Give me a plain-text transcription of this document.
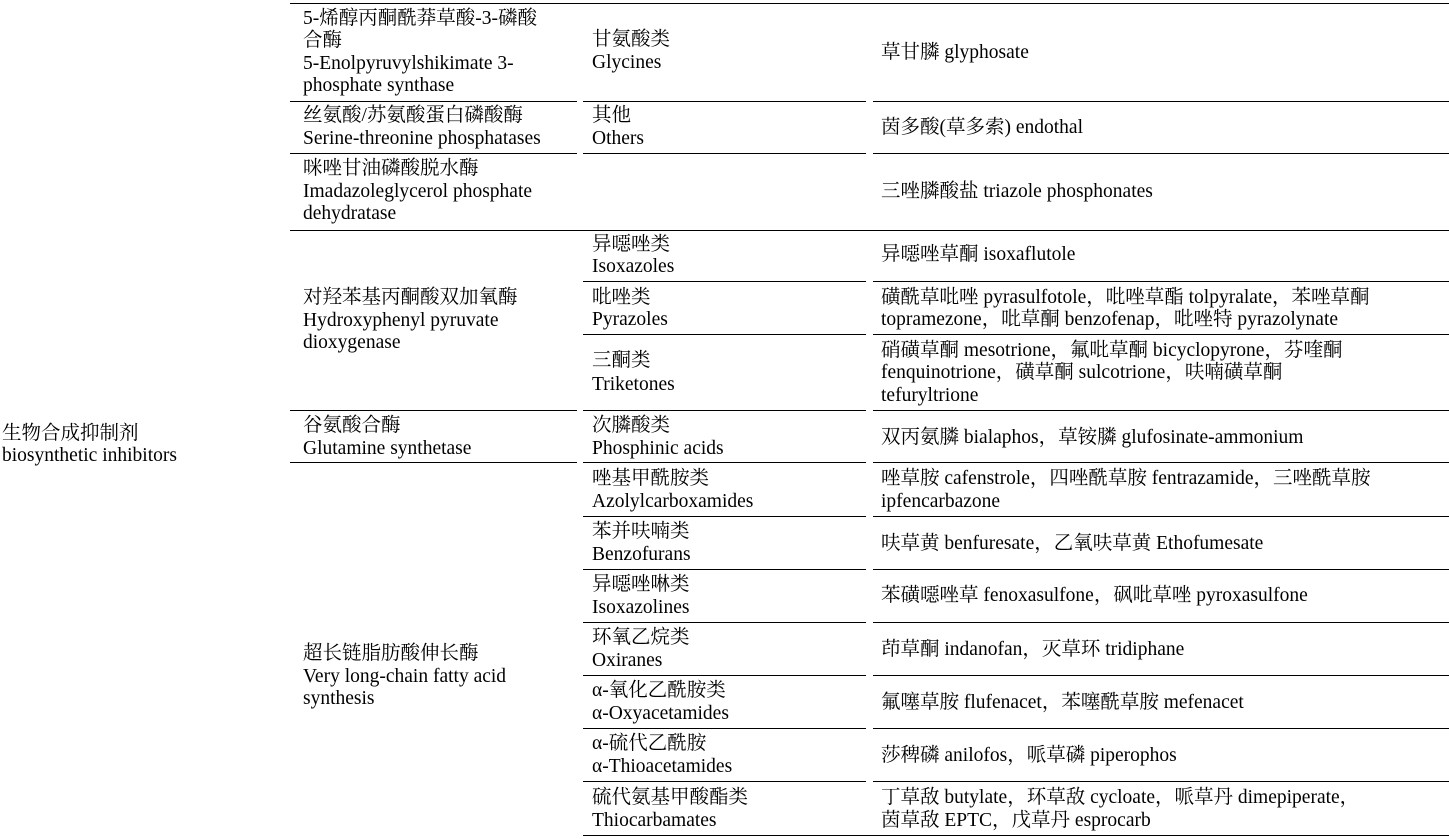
生物合成抑制剂
biosynthetic inhibitors
5-烯醇丙酮酰莽草酸-3-磷酸
合酶
5-Enolpyruvylshikimate 3-
phosphate synthase
甘氨酸类
Glycines	草甘膦 glyphosate
丝氨酸/苏氨酸蛋白磷酸酶
Serine-threonine phosphatases
其他
Others
茵多酸(草多索) endothal
咪唑甘油磷酸脱水酶
Imadazoleglycerol phosphate
dehydratase
三唑膦酸盐 triazole phosphonates
对羟苯基丙酮酸双加氧酶
Hydroxyphenyl pyruvate
dioxygenase
异噁唑类
Isoxazoles
异噁唑草酮 isoxaflutole
吡唑类
Pyrazoles
磺酰草吡唑 pyrasulfotole，吡唑草酯 tolpyralate，苯唑草酮
topramezone，吡草酮 benzofenap，吡唑特 pyrazolynate
三酮类
Triketones
硝磺草酮 mesotrione，氟吡草酮 bicyclopyrone，芬喹酮
fenquinotrione，磺草酮 sulcotrione，呋喃磺草酮
tefuryltrione
谷氨酸合酶
Glutamine synthetase
次膦酸类
Phosphinic acids
双丙氨膦 bialaphos，草铵膦 glufosinate-ammonium
超长链脂肪酸伸长酶
Very long-chain fatty acid
synthesis
唑基甲酰胺类
Azolylcarboxamides
唑草胺 cafenstrole，四唑酰草胺 fentrazamide，三唑酰草胺
ipfencarbazone
苯并呋喃类
Benzofurans
呋草黄 benfuresate，乙氧呋草黄 Ethofumesate
异噁唑啉类
Isoxazolines
苯磺噁唑草 fenoxasulfone，砜吡草唑 pyroxasulfone
环氧乙烷类
Oxiranes
茚草酮 indanofan，灭草环 tridiphane
α-氧化乙酰胺类
α-Oxyacetamides
氟噻草胺 flufenacet，苯噻酰草胺 mefenacet
α-硫代乙酰胺
α-Thioacetamides
莎稗磷 anilofos，哌草磷 piperophos
硫代氨基甲酸酯类
Thiocarbamates
丁草敌 butylate，环草敌 cycloate，哌草丹 dimepiperate，
茵草敌 EPTC，戊草丹 esprocarb
